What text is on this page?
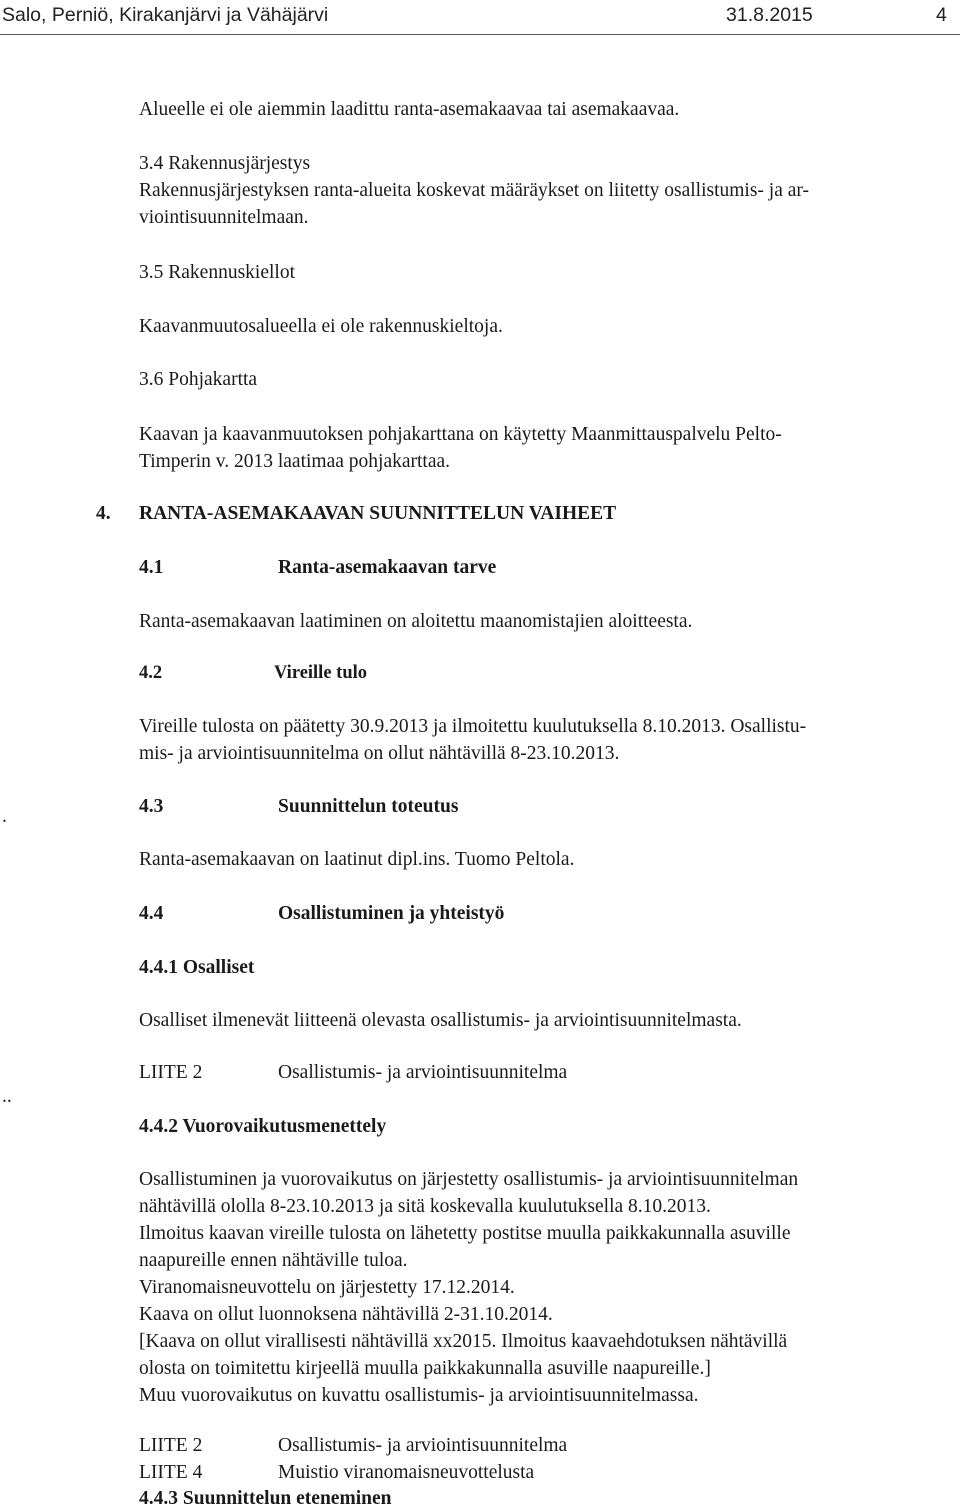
Salo, Perniö, Kirakanjärvi ja Vähäjärvi	31.8.2015	4
Alueelle ei ole aiemmin laadittu ranta-asemakaavaa tai asemakaavaa.
3.4 Rakennusjärjestys
Rakennusjärjestyksen ranta-alueita koskevat määräykset on liitetty osallistumis- ja ar-
viointisuunnitelmaan.
3.5 Rakennuskiellot
Kaavanmuutosalueella ei ole rakennuskieltoja.
3.6 Pohjakartta
Kaavan ja kaavanmuutoksen pohjakarttana on käytetty Maanmittauspalvelu Pelto-
Timperin v. 2013 laatimaa pohjakarttaa.
4. RANTA-ASEMAKAAVAN SUUNNITTELUN VAIHEET
4.1	Ranta-asemakaavan tarve
Ranta-asemakaavan laatiminen on aloitettu maanomistajien aloitteesta.
4.2	Vireille tulo
Vireille tulosta on päätetty 30.9.2013 ja ilmoitettu kuulutuksella 8.10.2013. Osallistu-
mis- ja arviointisuunnitelma on ollut nähtävillä 8-23.10.2013.
.	4.3	Suunnittelun toteutus
Ranta-asemakaavan on laatinut dipl.ins. Tuomo Peltola.
4.4	Osallistuminen ja yhteistyö
4.4.1 Osalliset
Osalliset ilmenevät liitteenä olevasta osallistumis- ja arviointisuunnitelmasta.
..
LIITE 2	Osallistumis- ja arviointisuunnitelma
4.4.2 Vuorovaikutusmenettely
Osallistuminen ja vuorovaikutus on järjestetty osallistumis- ja arviointisuunnitelman
nähtävillä ololla 8-23.10.2013 ja sitä koskevalla kuulutuksella 8.10.2013.
Ilmoitus kaavan vireille tulosta on lähetetty postitse muulla paikkakunnalla asuville
naapureille ennen nähtäville tuloa.
Viranomaisneuvottelu on järjestetty 17.12.2014.
Kaava on ollut luonnoksena nähtävillä 2-31.10.2014.
[Kaava on ollut virallisesti nähtävillä xx2015. Ilmoitus kaavaehdotuksen nähtävillä
olosta on toimitettu kirjeellä muulla paikkakunnalla asuville naapureille.]
Muu vuorovaikutus on kuvattu osallistumis- ja arviointisuunnitelmassa.
LIITE 2	Osallistumis- ja arviointisuunnitelma
LIITE 4	Muistio viranomaisneuvottelusta
4.4.3 Suunnittelun eteneminen
